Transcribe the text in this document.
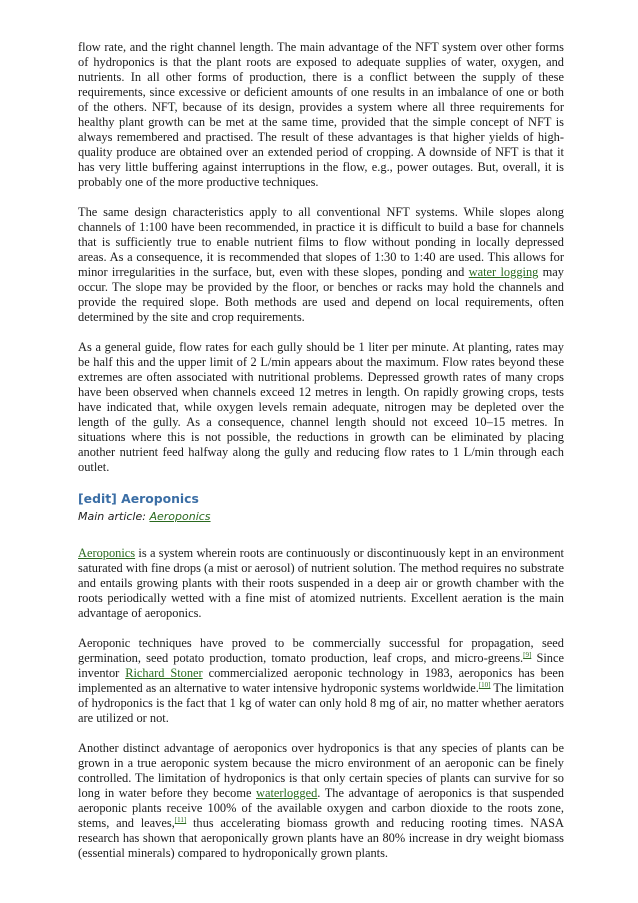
flow rate, and the right channel length. The main advantage of the NFT system over other forms of hydroponics is that the plant roots are exposed to adequate supplies of water, oxygen, and nutrients. In all other forms of production, there is a conflict between the supply of these requirements, since excessive or deficient amounts of one results in an imbalance of one or both of the others. NFT, because of its design, provides a system where all three requirements for healthy plant growth can be met at the same time, provided that the simple concept of NFT is always remembered and practised. The result of these advantages is that higher yields of high-quality produce are obtained over an extended period of cropping. A downside of NFT is that it has very little buffering against interruptions in the flow, e.g., power outages. But, overall, it is probably one of the more productive techniques.

The same design characteristics apply to all conventional NFT systems. While slopes along channels of 1:100 have been recommended, in practice it is difficult to build a base for channels that is sufficiently true to enable nutrient films to flow without ponding in locally depressed areas. As a consequence, it is recommended that slopes of 1:30 to 1:40 are used. This allows for minor irregularities in the surface, but, even with these slopes, ponding and water logging may occur. The slope may be provided by the floor, or benches or racks may hold the channels and provide the required slope. Both methods are used and depend on local requirements, often determined by the site and crop requirements.

As a general guide, flow rates for each gully should be 1 liter per minute. At planting, rates may be half this and the upper limit of 2 L/min appears about the maximum. Flow rates beyond these extremes are often associated with nutritional problems. Depressed growth rates of many crops have been observed when channels exceed 12 metres in length. On rapidly growing crops, tests have indicated that, while oxygen levels remain adequate, nitrogen may be depleted over the length of the gully. As a consequence, channel length should not exceed 10–15 metres. In situations where this is not possible, the reductions in growth can be eliminated by placing another nutrient feed halfway along the gully and reducing flow rates to 1 L/min through each outlet.

[edit] Aeroponics
Main article: Aeroponics

Aeroponics is a system wherein roots are continuously or discontinuously kept in an environment saturated with fine drops (a mist or aerosol) of nutrient solution. The method requires no substrate and entails growing plants with their roots suspended in a deep air or growth chamber with the roots periodically wetted with a fine mist of atomized nutrients. Excellent aeration is the main advantage of aeroponics.

Aeroponic techniques have proved to be commercially successful for propagation, seed germination, seed potato production, tomato production, leaf crops, and micro-greens.[9] Since inventor Richard Stoner commercialized aeroponic technology in 1983, aeroponics has been implemented as an alternative to water intensive hydroponic systems worldwide.[10] The limitation of hydroponics is the fact that 1 kg of water can only hold 8 mg of air, no matter whether aerators are utilized or not.

Another distinct advantage of aeroponics over hydroponics is that any species of plants can be grown in a true aeroponic system because the micro environment of an aeroponic can be finely controlled. The limitation of hydroponics is that only certain species of plants can survive for so long in water before they become waterlogged. The advantage of aeroponics is that suspended aeroponic plants receive 100% of the available oxygen and carbon dioxide to the roots zone, stems, and leaves,[11] thus accelerating biomass growth and reducing rooting times. NASA research has shown that aeroponically grown plants have an 80% increase in dry weight biomass (essential minerals) compared to hydroponically grown plants.
